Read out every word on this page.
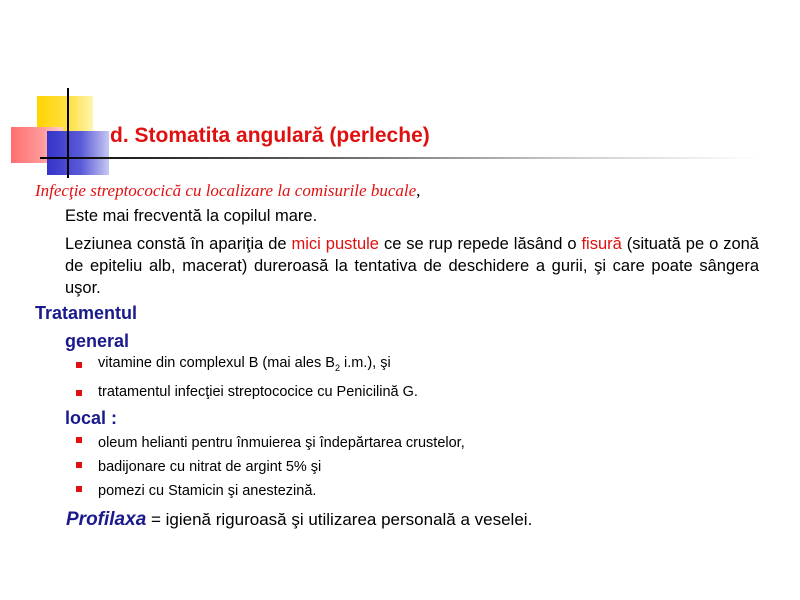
d. Stomatita angulară (perleche)
Infecţie streptococică cu localizare la comisurile bucale,
Este mai frecventă la copilul mare.
Leziunea constă în apariţia de mici pustule ce se rup repede lăsând o fisură (situată pe o zonă de epiteliu alb, macerat) dureroasă la tentativa de deschidere a gurii, şi care poate sângera uşor.
Tratamentul
general
vitamine din complexul B (mai ales $B_2$ i.m.), şi
tratamentul infecţiei streptococice cu Penicilină G.
local :
oleum helianti pentru înmuierea şi îndepărtarea crustelor,
badijonare cu nitrat de argint 5% şi
pomezi cu Stamicin şi anestezină.
Profilaxa = igienă riguroasă şi utilizarea personală a veselei.
